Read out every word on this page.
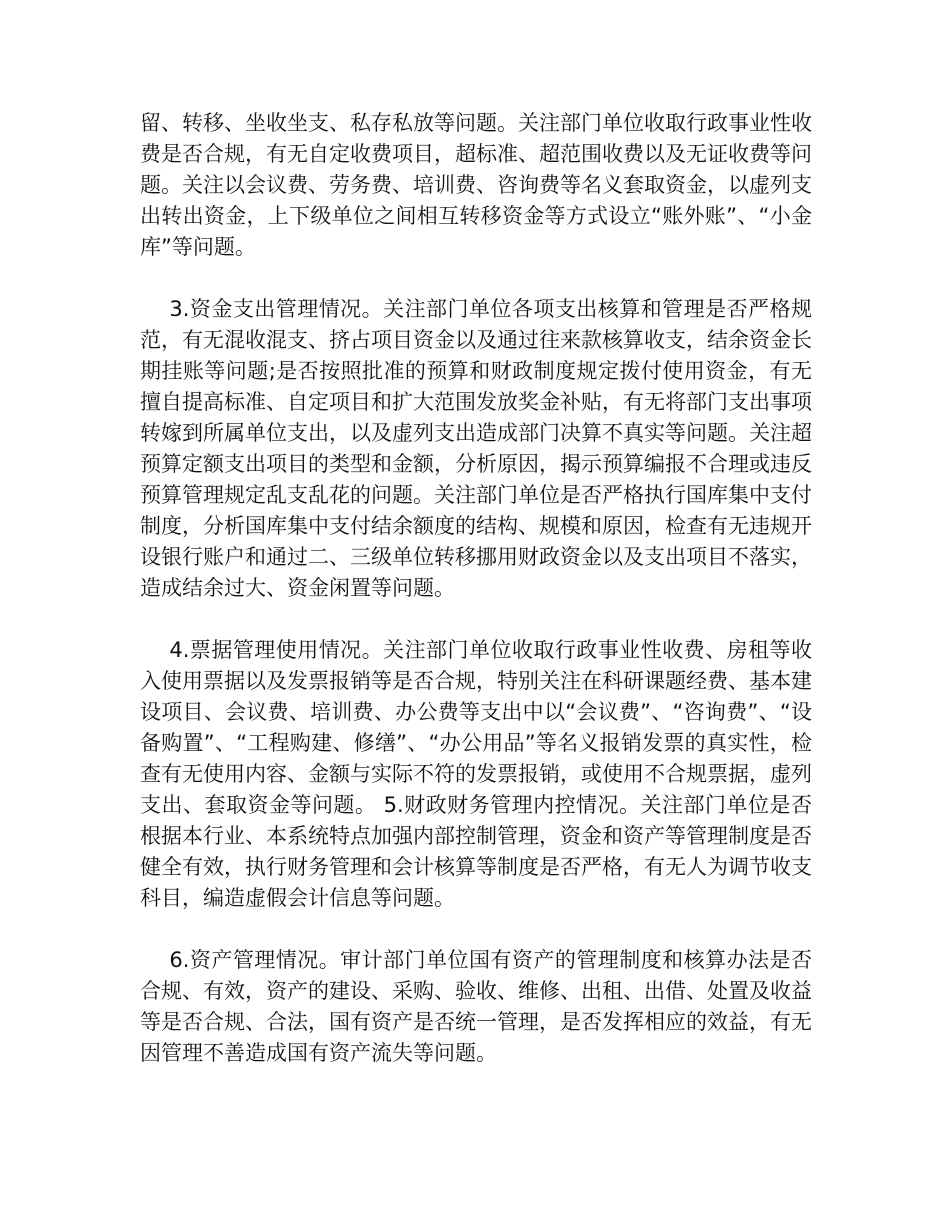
留、转移、坐收坐支、私存私放等问题。关注部门单位收取行政事业性收费是否合规，有无自定收费项目，超标准、超范围收费以及无证收费等问题。关注以会议费、劳务费、培训费、咨询费等名义套取资金，以虚列支出转出资金，上下级单位之间相互转移资金等方式设立“账外账”、“小金库”等问题。

3.资金支出管理情况。关注部门单位各项支出核算和管理是否严格规范，有无混收混支、挤占项目资金以及通过往来款核算收支，结余资金长期挂账等问题;是否按照批准的预算和财政制度规定拨付使用资金，有无擅自提高标准、自定项目和扩大范围发放奖金补贴，有无将部门支出事项转嫁到所属单位支出，以及虚列支出造成部门决算不真实等问题。关注超预算定额支出项目的类型和金额，分析原因，揭示预算编报不合理或违反预算管理规定乱支乱花的问题。关注部门单位是否严格执行国库集中支付制度，分析国库集中支付结余额度的结构、规模和原因，检查有无违规开设银行账户和通过二、三级单位转移挪用财政资金以及支出项目不落实，造成结余过大、资金闲置等问题。

4.票据管理使用情况。关注部门单位收取行政事业性收费、房租等收入使用票据以及发票报销等是否合规，特别关注在科研课题经费、基本建设项目、会议费、培训费、办公费等支出中以“会议费”、“咨询费”、“设备购置”、“工程购建、修缮”、“办公用品”等名义报销发票的真实性，检查有无使用内容、金额与实际不符的发票报销，或使用不合规票据，虚列支出、套取资金等问题。 5.财政财务管理内控情况。关注部门单位是否根据本行业、本系统特点加强内部控制管理，资金和资产等管理制度是否健全有效，执行财务管理和会计核算等制度是否严格，有无人为调节收支科目，编造虚假会计信息等问题。

6.资产管理情况。审计部门单位国有资产的管理制度和核算办法是否合规、有效，资产的建设、采购、验收、维修、出租、出借、处置及收益等是否合规、合法，国有资产是否统一管理，是否发挥相应的效益，有无因管理不善造成国有资产流失等问题。
